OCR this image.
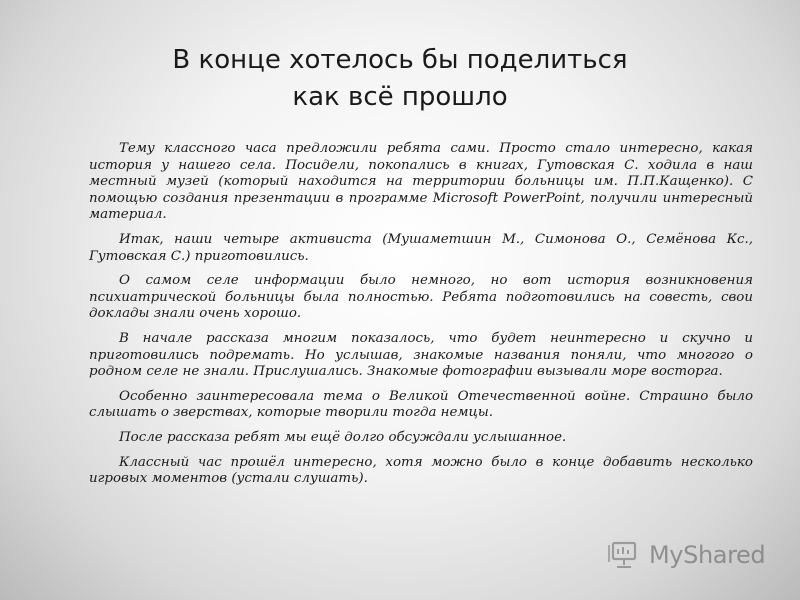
В конце хотелось бы поделиться
как всё прошло

Тему классного часа предложили ребята сами. Просто стало интересно, какая история у нашего села. Посидели, покопались в книгах, Гутовская С. ходила в наш местный музей (который находится на территории больницы им. П.П.Кащенко). С помощью создания презентации в программе Microsoft PowerPoint, получили интересный материал.

Итак, наши четыре активиста (Мушаметшин М., Симонова О., Семёнова Кс., Гутовская С.) приготовились.

О самом селе информации было немного, но вот история возникновения психиатрической больницы была полностью. Ребята подготовились на совесть, свои доклады знали очень хорошо.

В начале рассказа многим показалось, что будет неинтересно и скучно и приготовились подремать. Но услышав, знакомые названия поняли, что многого о родном селе не знали. Прислушались. Знакомые фотографии вызывали море восторга.

Особенно заинтересовала тема о Великой Отечественной войне. Страшно было слышать о зверствах, которые творили тогда немцы.

После рассказа ребят мы ещё долго обсуждали услышанное.

Классный час прошёл интересно, хотя можно было в конце добавить несколько игровых моментов (устали слушать).

MyShared
